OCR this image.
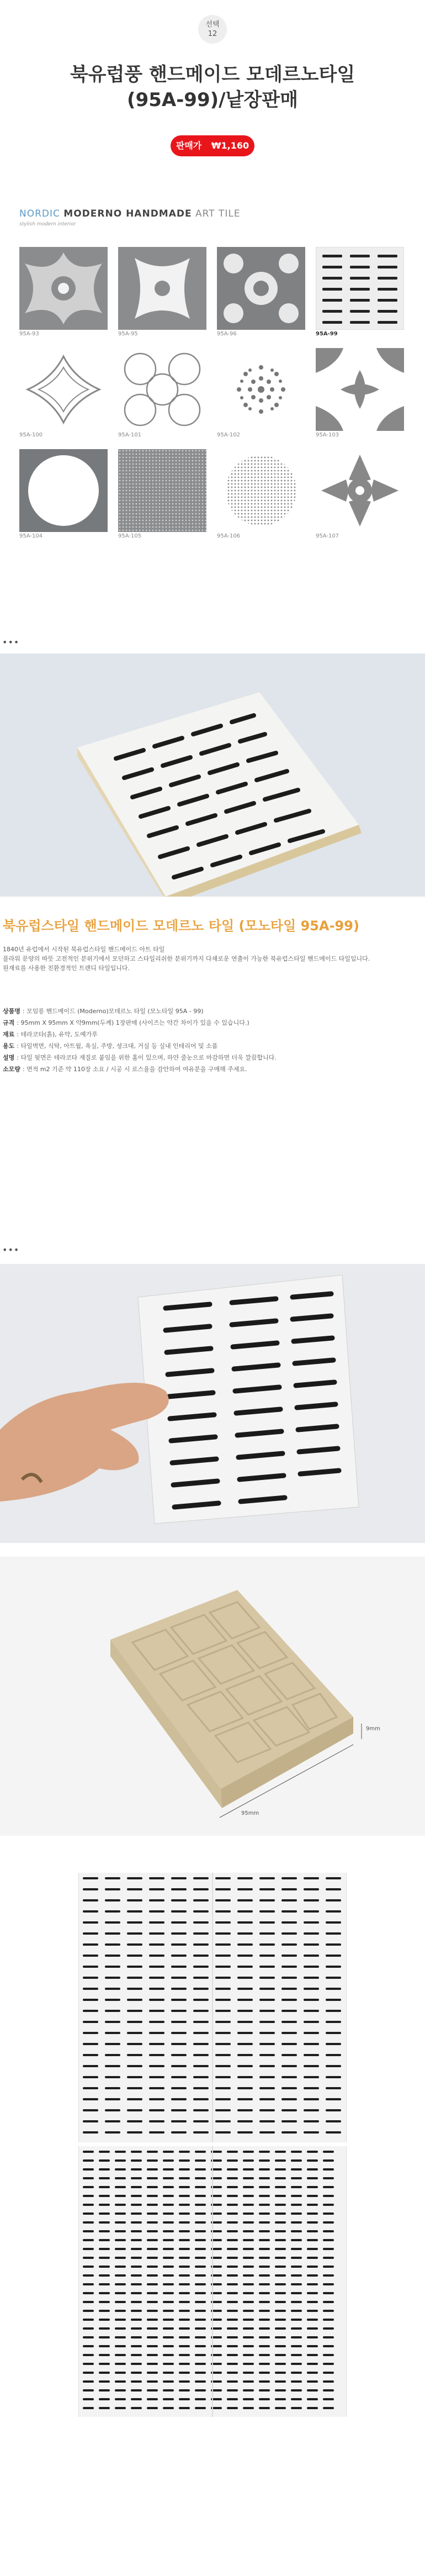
선택
12
북유럽풍 핸드메이드 모데르노타일
(95A-99)/낱장판매
판매가 ₩1,160
NORDIC MODERNO HANDMADE ART TILE
stylish modern interior
95A-93	95A-95	95A-96	95A-99
95A-100	95A-101	95A-102	95A-103
95A-104	95A-105	95A-106	95A-107
•••
북유럽스타일 핸드메이드 모데르노 타일 (모노타일 95A-99)

1840년 유럽에서 시작된 북유럽스타일 핸드메이드 아트 타일

플라워 문양의 따뜻 고전적인 분위기에서 모던하고 스타일리쉬한 분위기까지 다채로운 연출이 가능한 북유럽스타일 핸드메이드 타일입니다.

원재료를 사용한 친환경적인 트렌디 타일입니다.

상품명 : 모임릉 핸드메이드 (Moderno)모데르노 타일 (모노타일 95A - 99)
규격 : 95mm X 95mm X 약9mm(두께) 1장판매 (사이즈는 약간 차이가 있을 수 있습니다.)
재료 : 테라코타(흙), 유약, 도예가루
용도 : 타일벽면, 식탁, 아트월, 욕실, 주방, 셩크대, 거실 등 실내 인테리어 및 소품
설명 : 타일 뒷면은 테라코타 재질로 붙임을 위한 홈이 있으며, 하얀 줄눈으로 마감하면 더욱 깔끔합니다.
소모량 : 면적 m2 기준 약 110장 소요 / 시공 시 로스율을 감안하여 여유분을 구매해 주세요.
•••
9mm
95mm
